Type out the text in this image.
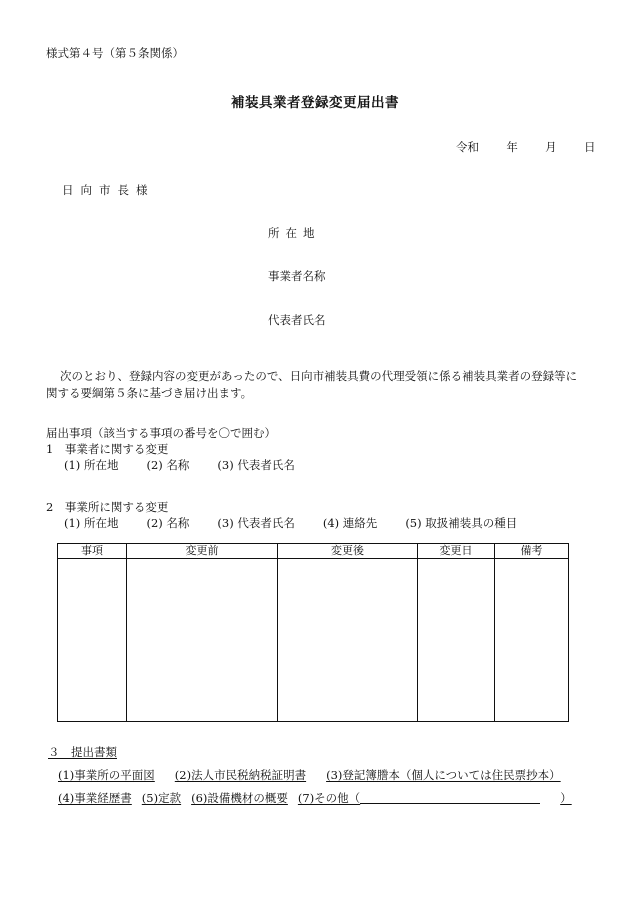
様式第４号（第５条関係）
補装具業者登録変更届出書
令和 年 月 日
日向市長様
所在地
事業者名称
代表者氏名
次のとおり、登録内容の変更があったので、日向市補装具費の代理受領に係る補装具業者の登録等に
関する要綱第５条に基づき届け出ます。
届出事項（該当する事項の番号を〇で囲む）
1　事業者に関する変更
(1) 所在地 (2) 名称 (3) 代表者氏名
2　事業所に関する変更
(1) 所在地 (2) 名称 (3) 代表者氏名 (4) 連絡先 (5) 取扱補装具の種目
事項	変更前	変更後	変更日	備考

３　提出書類
(1)事業所の平面図 (2)法人市民税納税証明書 (3)登記簿謄本（個人については住民票抄本）
(4)事業経歴書 (5)定款 (6)設備機材の概要 (7)その他（	）
